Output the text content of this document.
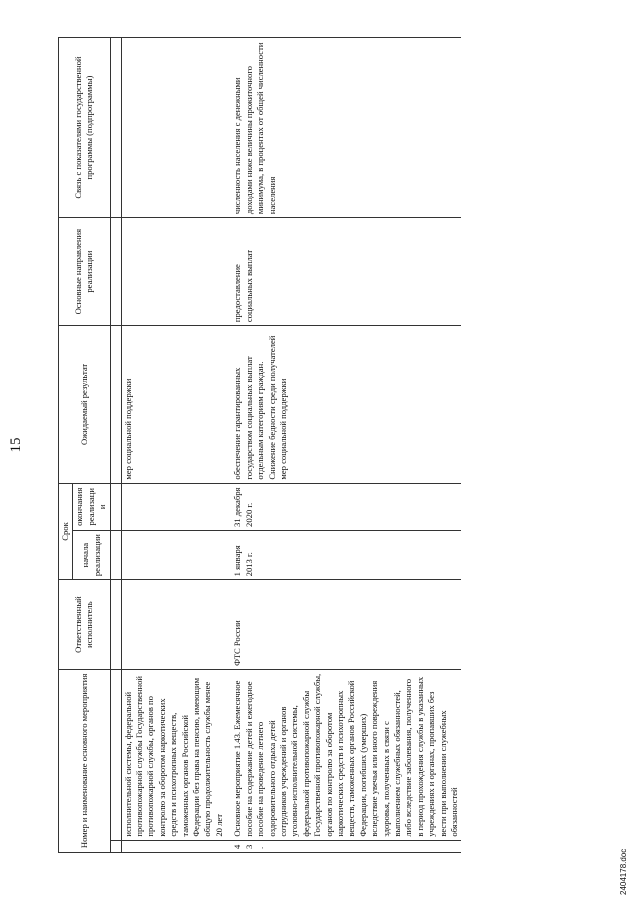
15
Номер и наименование основного мероприятия		Ответственный исполнитель	Срок		Ожидаемый результат	Основные направления реализации	Связь с показателями государственной программы (подпрограммы)
			начала реализации	окончания реализации			

	исполнительной системы, федеральной противопожарной службы Государственной противопожарной службы, органов по контролю за оборотом наркотических средств и психотропных веществ, таможенных органов Российской Федерации без права на пенсию, имеющим общую продолжительность службы менее 20 лет				мер социальной поддержки		
43.	Основное мероприятие 1.43. Ежемесячное пособие на содержание детей и ежегодное пособие на проведение летнего оздоровительного отдыха детей сотрудников учреждений и органов уголовно-исполнительной системы, федеральной противопожарной службы Государственной противопожарной службы, органов по контролю за оборотом наркотических средств и психотропных веществ, таможенных органов Российской Федерации, погибших (умерших) вследствие увечья или иного повреждения здоровья, полученных в связи с выполнением служебных обязанностей, либо вследствие заболевания, полученного в период прохождения службы в указанных учреждениях и органах, пропавших без вести при выполнении служебных обязанностей	ФТС России	1 января 2013 г.	31 декабря 2020 г.	обеспечение гарантированных государством социальных выплат отдельным категориям граждан. Снижение бедности среди получателей мер социальной поддержки	предоставление социальных выплат	численность населения с денежными доходами ниже величины прожиточного минимума, в процентах от общей численности населения
2404178.doc
